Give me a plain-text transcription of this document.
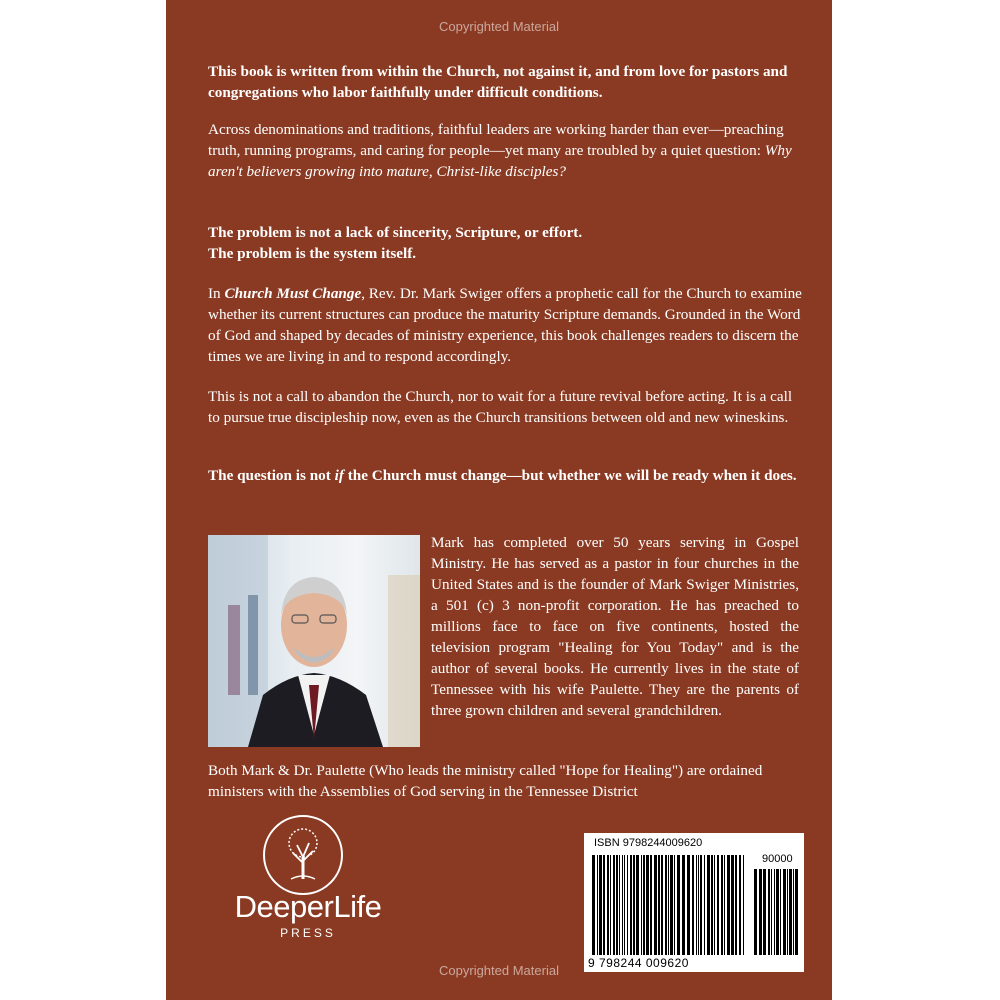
Copyrighted Material

This book is written from within the Church, not against it, and from love for pastors and congregations who labor faithfully under difficult conditions.

Across denominations and traditions, faithful leaders are working harder than ever—preaching truth, running programs, and caring for people—yet many are troubled by a quiet question: Why aren't believers growing into mature, Christ-like disciples?

The problem is not a lack of sincerity, Scripture, or effort.
The problem is the system itself.

In Church Must Change, Rev. Dr. Mark Swiger offers a prophetic call for the Church to examine whether its current structures can produce the maturity Scripture demands. Grounded in the Word of God and shaped by decades of ministry experience, this book challenges readers to discern the times we are living in and to respond accordingly.

This is not a call to abandon the Church, nor to wait for a future revival before acting. It is a call to pursue true discipleship now, even as the Church transitions between old and new wineskins.

The question is not if the Church must change—but whether we will be ready when it does.

Mark has completed over 50 years serving in Gospel Ministry. He has served as a pastor in four churches in the United States and is the founder of Mark Swiger Ministries, a 501 (c) 3 non-profit corporation. He has preached to millions face to face on five continents, hosted the television program "Healing for You Today" and is the author of several books. He currently lives in the state of Tennessee with his wife Paulette. They are the parents of three grown children and several grandchildren.

Both Mark & Dr. Paulette (Who leads the ministry called "Hope for Healing") are ordained ministers with the Assemblies of God serving in the Tennessee District

DeeperLife
PRESS
ISBN 9798244009620
90000
9 798244 009620
Copyrighted Material
